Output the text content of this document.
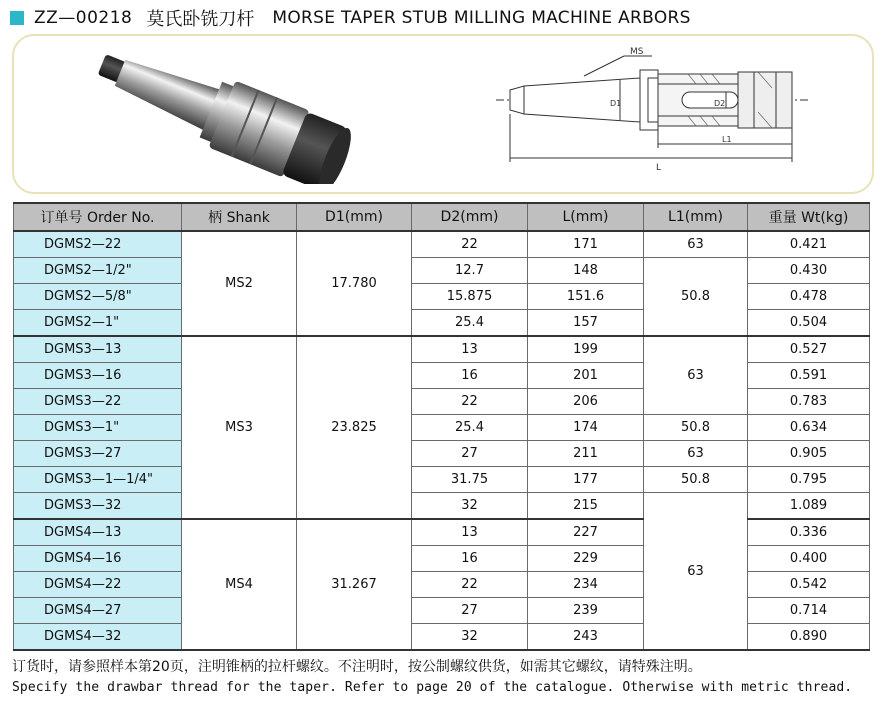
ZZ—00218 莫氏卧铣刀杆 MORSE TAPER STUB MILLING MACHINE ARBORS
MS
D1	D2
L
L1
订单号 Order No.	柄 Shank	D1(mm)	D2(mm)	L(mm)	L1(mm)	重量 Wt(kg)
DGMS2—22	MS2	17.780	22	171	63	0.421
DGMS2—1/2"			12.7	148	50.8	0.430
DGMS2—5/8"			15.875	151.6		0.478
DGMS2—1"			25.4	157		0.504
DGMS3—13	MS3	23.825	13	199	63	0.527
DGMS3—16			16	201		0.591
DGMS3—22			22	206		0.783
DGMS3—1"			25.4	174	50.8	0.634
DGMS3—27			27	211	63	0.905
DGMS3—1—1/4"			31.75	177	50.8	0.795
DGMS3—32			32	215	63	1.089
DGMS4—13	MS4	31.267	13	227		0.336
DGMS4—16			16	229		0.400
DGMS4—22			22	234		0.542
DGMS4—27			27	239		0.714
DGMS4—32			32	243		0.890
订货时，请参照样本第20页，注明锥柄的拉杆螺纹。不注明时，按公制螺纹供货，如需其它螺纹，请特殊注明。
Specify the drawbar thread for the taper. Refer to page 20 of the catalogue. Otherwise with metric thread.
